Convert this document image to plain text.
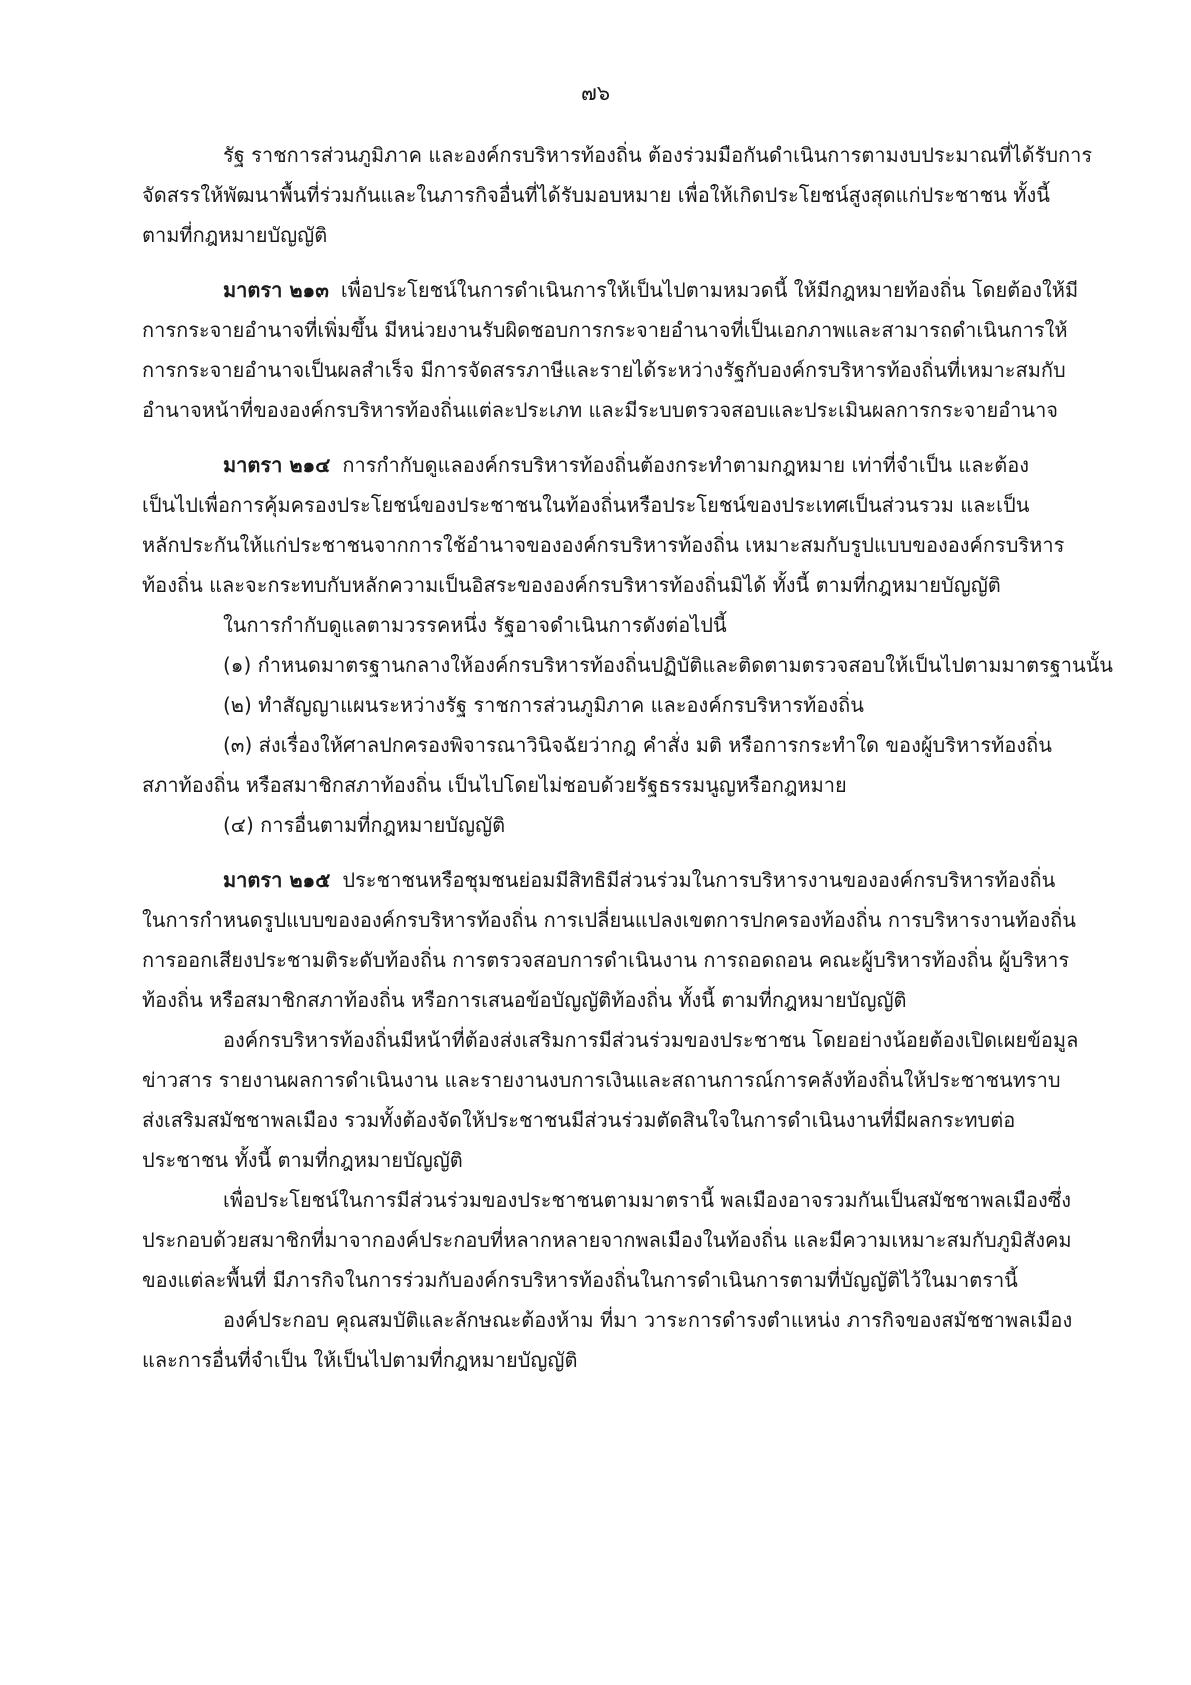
๗๖
รัฐ ราชการส่วนภูมิภาค และองค์กรบริหารท้องถิ่น ต้องร่วมมือกันดำเนินการตามงบประมาณที่ได้รับการ
จัดสรรให้พัฒนาพื้นที่ร่วมกันและในภารกิจอื่นที่ได้รับมอบหมาย เพื่อให้เกิดประโยชน์สูงสุดแก่ประชาชน ทั้งนี้
ตามที่กฎหมายบัญญัติ
มาตรา ๒๑๓ เพื่อประโยชน์ในการดำเนินการให้เป็นไปตามหมวดนี้ ให้มีกฎหมายท้องถิ่น โดยต้องให้มี
การกระจายอำนาจที่เพิ่มขึ้น มีหน่วยงานรับผิดชอบการกระจายอำนาจที่เป็นเอกภาพและสามารถดำเนินการให้
การกระจายอำนาจเป็นผลสำเร็จ มีการจัดสรรภาษีและรายได้ระหว่างรัฐกับองค์กรบริหารท้องถิ่นที่เหมาะสมกับ
อำนาจหน้าที่ขององค์กรบริหารท้องถิ่นแต่ละประเภท และมีระบบตรวจสอบและประเมินผลการกระจายอำนาจ
มาตรา ๒๑๔ การกำกับดูแลองค์กรบริหารท้องถิ่นต้องกระทำตามกฎหมาย เท่าที่จำเป็น และต้อง
เป็นไปเพื่อการคุ้มครองประโยชน์ของประชาชนในท้องถิ่นหรือประโยชน์ของประเทศเป็นส่วนรวม และเป็น
หลักประกันให้แก่ประชาชนจากการใช้อำนาจขององค์กรบริหารท้องถิ่น เหมาะสมกับรูปแบบขององค์กรบริหาร
ท้องถิ่น และจะกระทบกับหลักความเป็นอิสระขององค์กรบริหารท้องถิ่นมิได้ ทั้งนี้ ตามที่กฎหมายบัญญัติ
ในการกำกับดูแลตามวรรคหนึ่ง รัฐอาจดำเนินการดังต่อไปนี้
(๑) กำหนดมาตรฐานกลางให้องค์กรบริหารท้องถิ่นปฏิบัติและติดตามตรวจสอบให้เป็นไปตามมาตรฐานนั้น
(๒) ทำสัญญาแผนระหว่างรัฐ ราชการส่วนภูมิภาค และองค์กรบริหารท้องถิ่น
(๓) ส่งเรื่องให้ศาลปกครองพิจารณาวินิจฉัยว่ากฎ คำสั่ง มติ หรือการกระทำใด ของผู้บริหารท้องถิ่น
สภาท้องถิ่น หรือสมาชิกสภาท้องถิ่น เป็นไปโดยไม่ชอบด้วยรัฐธรรมนูญหรือกฎหมาย
(๔) การอื่นตามที่กฎหมายบัญญัติ
มาตรา ๒๑๕ ประชาชนหรือชุมชนย่อมมีสิทธิมีส่วนร่วมในการบริหารงานขององค์กรบริหารท้องถิ่น
ในการกำหนดรูปแบบขององค์กรบริหารท้องถิ่น การเปลี่ยนแปลงเขตการปกครองท้องถิ่น การบริหารงานท้องถิ่น
การออกเสียงประชามติระดับท้องถิ่น การตรวจสอบการดำเนินงาน การถอดถอน คณะผู้บริหารท้องถิ่น ผู้บริหาร
ท้องถิ่น หรือสมาชิกสภาท้องถิ่น หรือการเสนอข้อบัญญัติท้องถิ่น ทั้งนี้ ตามที่กฎหมายบัญญัติ
องค์กรบริหารท้องถิ่นมีหน้าที่ต้องส่งเสริมการมีส่วนร่วมของประชาชน โดยอย่างน้อยต้องเปิดเผยข้อมูล
ข่าวสาร รายงานผลการดำเนินงาน และรายงานงบการเงินและสถานการณ์การคลังท้องถิ่นให้ประชาชนทราบ
ส่งเสริมสมัชชาพลเมือง รวมทั้งต้องจัดให้ประชาชนมีส่วนร่วมตัดสินใจในการดำเนินงานที่มีผลกระทบต่อ
ประชาชน ทั้งนี้ ตามที่กฎหมายบัญญัติ
เพื่อประโยชน์ในการมีส่วนร่วมของประชาชนตามมาตรานี้ พลเมืองอาจรวมกันเป็นสมัชชาพลเมืองซึ่ง
ประกอบด้วยสมาชิกที่มาจากองค์ประกอบที่หลากหลายจากพลเมืองในท้องถิ่น และมีความเหมาะสมกับภูมิสังคม
ของแต่ละพื้นที่ มีภารกิจในการร่วมกับองค์กรบริหารท้องถิ่นในการดำเนินการตามที่บัญญัติไว้ในมาตรานี้
องค์ประกอบ คุณสมบัติและลักษณะต้องห้าม ที่มา วาระการดำรงตำแหน่ง ภารกิจของสมัชชาพลเมือง
และการอื่นที่จำเป็น ให้เป็นไปตามที่กฎหมายบัญญัติ
